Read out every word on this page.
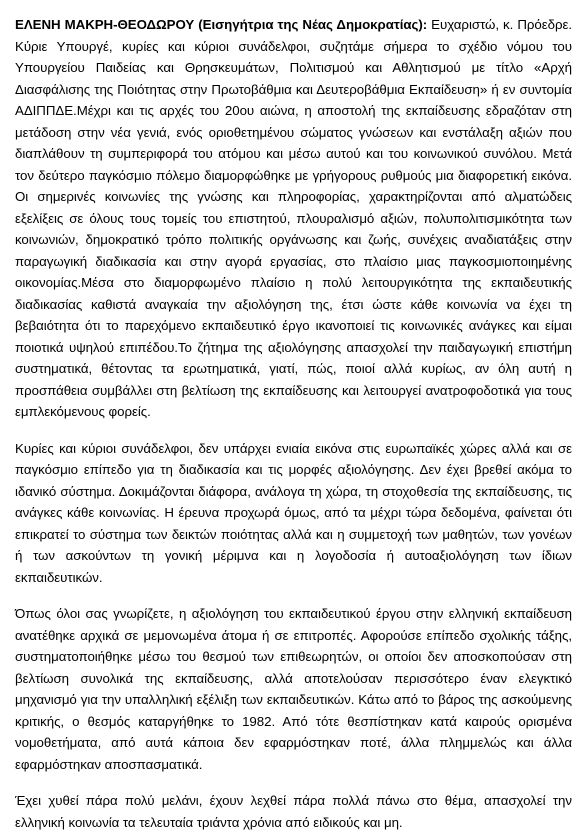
ΕΛΕΝΗ ΜΑΚΡΗ-ΘΕΟΔΩΡΟΥ (Εισηγήτρια της Νέας Δημοκρατίας): Ευχαριστώ, κ. Πρόεδρε. Κύριε Υπουργέ, κυρίες και κύριοι συνάδελφοι, συζητάμε σήμερα το σχέδιο νόμου του Υπουργείου Παιδείας και Θρησκευμάτων, Πολιτισμού και Αθλητισμού με τίτλο «Αρχή Διασφάλισης της Ποιότητας στην Πρωτοβάθμια και Δευτεροβάθμια Εκπαίδευση» ή εν συντομία ΑΔΙΠΠΔΕ.Μέχρι και τις αρχές του 20ου αιώνα, η αποστολή της εκπαίδευσης εδραζόταν στη μετάδοση στην νέα γενιά, ενός οριοθετημένου σώματος γνώσεων και ενστάλαξη αξιών που διαπλάθουν τη συμπεριφορά του ατόμου και μέσω αυτού και του κοινωνικού συνόλου. Μετά τον δεύτερο παγκόσμιο πόλεμο διαμορφώθηκε με γρήγορους ρυθμούς μια διαφορετική εικόνα. Οι σημερινές κοινωνίες της γνώσης και πληροφορίας, χαρακτηρίζονται από αλματώδεις εξελίξεις σε όλους τους τομείς του επιστητού, πλουραλισμό αξιών, πολυπολιτισμικότητα των κοινωνιών, δημοκρατικό τρόπο πολιτικής οργάνωσης και ζωής, συνέχεις αναδιατάξεις στην παραγωγική διαδικασία και στην αγορά εργασίας, στο πλαίσιο μιας παγκοσμιοποιημένης οικονομίας.Μέσα στο διαμορφωμένο πλαίσιο η πολύ λειτουργικότητα της εκπαιδευτικής διαδικασίας καθιστά αναγκαία την αξιολόγηση της, έτσι ώστε κάθε κοινωνία να έχει τη βεβαιότητα ότι το παρεχόμενο εκπαιδευτικό έργο ικανοποιεί τις κοινωνικές ανάγκες και είμαι ποιοτικά υψηλού επιπέδου.Το ζήτημα της αξιολόγησης απασχολεί την παιδαγωγική επιστήμη συστηματικά, θέτοντας τα ερωτηματικά, γιατί, πώς, ποιοί αλλά κυρίως, αν όλη αυτή η προσπάθεια συμβάλλει στη βελτίωση της εκπαίδευσης και λειτουργεί ανατροφοδοτικά για τους εμπλεκόμενους φορείς.

Κυρίες και κύριοι συνάδελφοι, δεν υπάρχει ενιαία εικόνα στις ευρωπαϊκές χώρες αλλά και σε παγκόσμιο επίπεδο για τη διαδικασία και τις μορφές αξιολόγησης. Δεν έχει βρεθεί ακόμα το ιδανικό σύστημα. Δοκιμάζονται διάφορα, ανάλογα τη χώρα, τη στοχοθεσία της εκπαίδευσης, τις ανάγκες κάθε κοινωνίας. Η έρευνα προχωρά όμως, από τα μέχρι τώρα δεδομένα, φαίνεται ότι επικρατεί το σύστημα των δεικτών ποιότητας αλλά και η συμμετοχή των μαθητών, των γονέων ή των ασκούντων τη γονική μέριμνα και η λογοδοσία ή αυτοαξιολόγηση των ίδιων εκπαιδευτικών.

Όπως όλοι σας γνωρίζετε, η αξιολόγηση του εκπαιδευτικού έργου στην ελληνική εκπαίδευση ανατέθηκε αρχικά σε μεμονωμένα άτομα ή σε επιτροπές. Αφορούσε επίπεδο σχολικής τάξης, συστηματοποιήθηκε μέσω του θεσμού των επιθεωρητών, οι οποίοι δεν αποσκοπούσαν στη βελτίωση συνολικά της εκπαίδευσης, αλλά αποτελούσαν περισσότερο έναν ελεγκτικό μηχανισμό για την υπαλληλική εξέλιξη των εκπαιδευτικών. Κάτω από το βάρος της ασκούμενης κριτικής, ο θεσμός καταργήθηκε το 1982. Από τότε θεσπίστηκαν κατά καιρούς ορισμένα νομοθετήματα, από αυτά κάποια δεν εφαρμόστηκαν ποτέ, άλλα πλημμελώς και άλλα εφαρμόστηκαν αποσπασματικά.

Έχει χυθεί πάρα πολύ μελάνι, έχουν λεχθεί πάρα πολλά πάνω στο θέμα, απασχολεί την ελληνική κοινωνία τα τελευταία τριάντα χρόνια από ειδικούς και μη.
